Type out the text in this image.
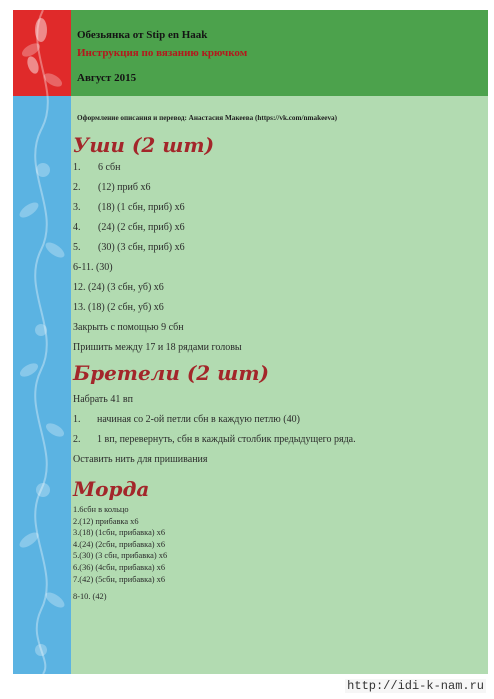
Обезьянка от Stip en Haak
Инструкция по вязанию крючком
Август 2015
Оформление описания и перевод: Анастасия Макеева (https://vk.com/nmakeeva)
Уши (2 шт)
1. 6 сбн
2. (12) приб х6
3. (18) (1 сбн, приб) х6
4. (24) (2 сбн, приб) х6
5. (30) (3 сбн, приб) х6
6-11. (30)
12. (24) (3 сбн, уб) х6
13. (18) (2 сбн, уб) х6
Закрыть с помощью 9 сбн
Пришить между 17 и 18 рядами головы
Бретели (2 шт)
Набрать 41 вп
1. начиная со 2-ой петли сбн в каждую петлю (40)
2. 1 вп, перевернуть, сбн в каждый столбик предыдущего ряда.
Оставить нить для пришивания
Морда
1.6сбн в кольцо
2.(12) прибавка х6
3.(18) (1сбн, прибавка) х6
4.(24) (2сбн, прибавка) х6
5.(30) (3 сбн, прибавка) х6
6.(36) (4сбн, прибавка) х6
7.(42) (5сбн, прибавка) х6
8-10. (42)
http://idi-k-nam.ru
